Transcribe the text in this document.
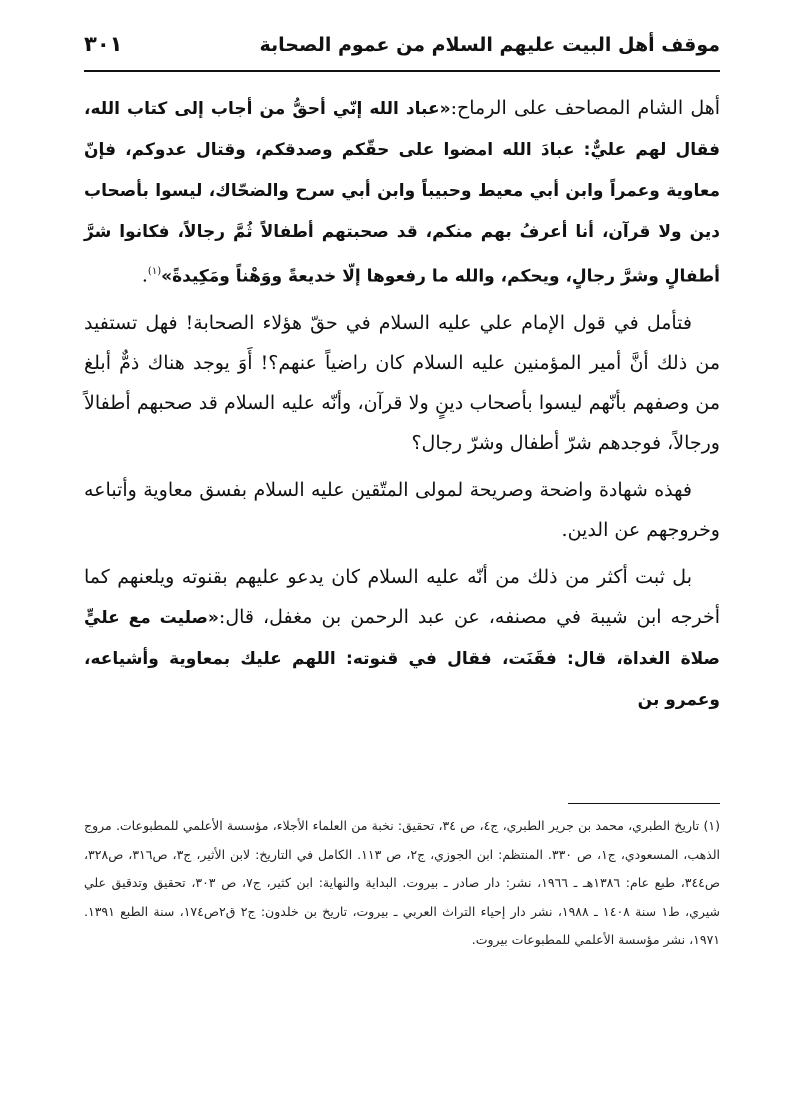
موقف أهل البيت عليهم السلام من عموم الصحابة
٣٠١

أهل الشام المصاحف على الرماح:«عباد الله إنّي أحقُّ من أجاب إلى كتاب الله، فقال لهم عليٌّ: عبادَ الله امضوا على حقّكم وصدقكم، وقتال عدوكم، فإنّ معاوية وعمراً وابن أبي معيط وحبيباً وابن أبي سرح والضحّاك، ليسوا بأصحاب دين ولا قرآن، أنا أعرفُ بهم منكم، قد صحبتهم أطفالاً ثُمَّ رجالاً، فكانوا شرَّ أطفالٍ وشرَّ رجالٍ، ويحكم، والله ما رفعوها إلّا خديعةً ووَهْناً ومَكِيدةً»$^{(١)}$.

فتأمل في قول الإمام علي عليه السلام في حقّ هؤلاء الصحابة! فهل تستفيد من ذلك أنَّ أمير المؤمنين عليه السلام كان راضياً عنهم؟! أَوَ يوجد هناك ذمٌّ أبلغ من وصفهم بأنّهم ليسوا بأصحاب دينٍ ولا قرآن، وأنّه عليه السلام قد صحبهم أطفالاً ورجالاً، فوجدهم شرّ أطفال وشرّ رجال؟

فهذه شهادة واضحة وصريحة لمولى المتّقين عليه السلام بفسق معاوية وأتباعه وخروجهم عن الدين.

بل ثبت أكثر من ذلك من أنّه عليه السلام كان يدعو عليهم بقنوته ويلعنهم كما أخرجه ابن شيبة في مصنفه، عن عبد الرحمن بن مغفل، قال:«صليت مع عليٍّ صلاة الغداة، قال: فقَنَت، فقال في قنوته: اللهم عليك بمعاوية وأشياعه، وعمرو بن

(١) تاريخ الطبري، محمد بن جرير الطبري، ج٤، ص ٣٤، تحقيق: نخبة من العلماء الأجلاء، مؤسسة الأعلمي للمطبوعات. مروج الذهب، المسعودي، ج١، ص ٣٣٠. المنتظم: ابن الجوزي، ج٢، ص ١١٣. الكامل في التاريخ: لابن الأثير، ج٣، ص٣١٦، ص٣٢٨، ص٣٤٤، طبع عام: ١٣٨٦هـ ـ ١٩٦٦، نشر: دار صادر ـ بيروت. البداية والنهاية: ابن كثير، ج٧، ص ٣٠٣، تحقيق وتدقيق علي شيري، ط١ سنة ١٤٠٨ ـ ١٩٨٨، نشر دار إحياء التراث العربي ـ بيروت، تاريخ بن خلدون: ج٢ ق٢ص١٧٤، سنة الطبع ١٣٩١. ١٩٧١، نشر مؤسسة الأعلمي للمطبوعات بيروت.
